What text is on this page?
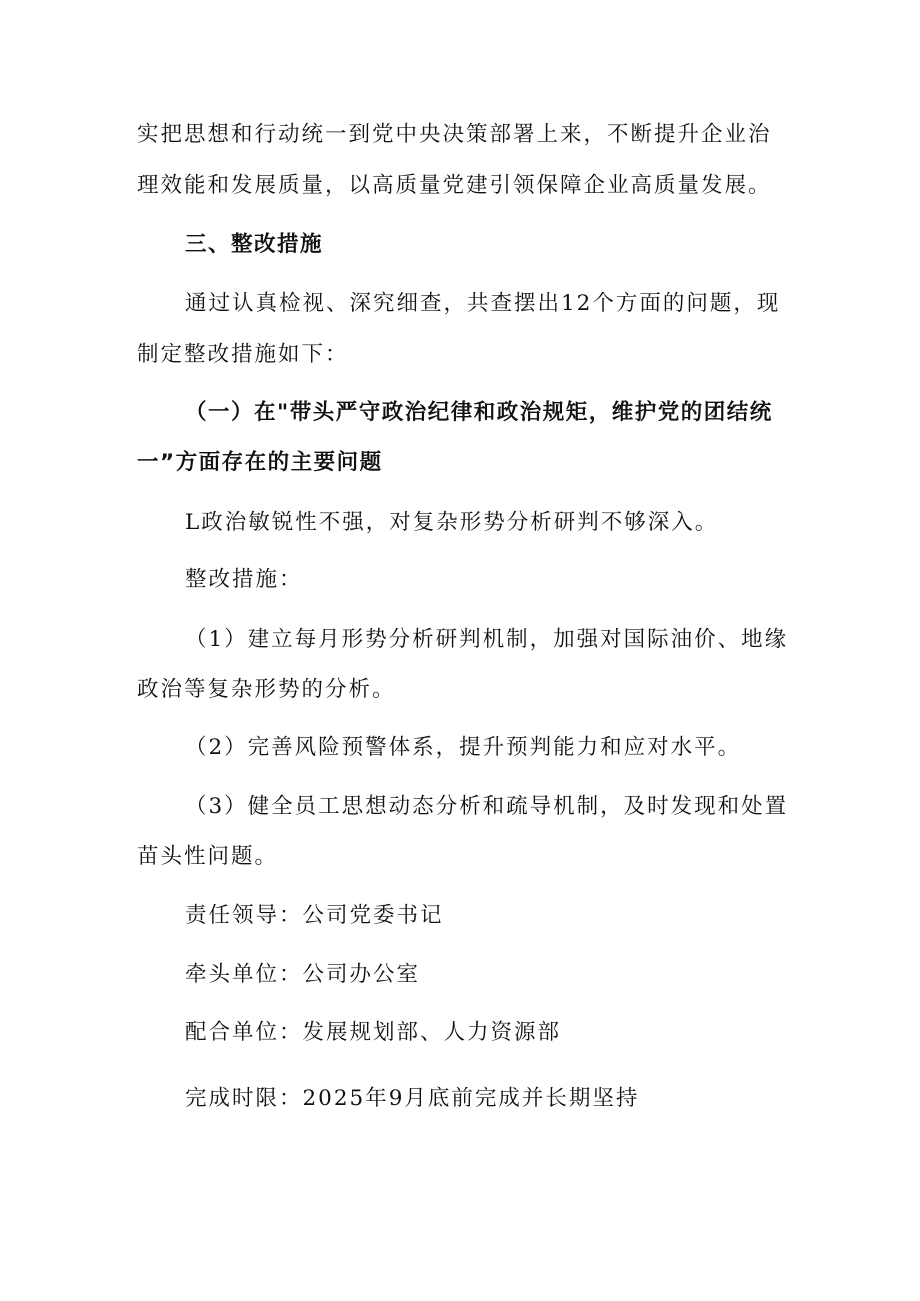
实把思想和行动统一到党中央决策部署上来，不断提升企业治
理效能和发展质量，以高质量党建引领保障企业高质量发展。
三、整改措施
通过认真检视、深究细查，共查摆出12个方面的问题，现
制定整改措施如下：
（一）在"带头严守政治纪律和政治规矩，维护党的团结统
一”方面存在的主要问题
L政治敏锐性不强，对复杂形势分析研判不够深入。
整改措施：
（1）建立每月形势分析研判机制，加强对国际油价、地缘
政治等复杂形势的分析。
（2）完善风险预警体系，提升预判能力和应对水平。
（3）健全员工思想动态分析和疏导机制，及时发现和处置
苗头性问题。
责任领导：公司党委书记
牵头单位：公司办公室
配合单位：发展规划部、人力资源部
完成时限：2025年9月底前完成并长期坚持
